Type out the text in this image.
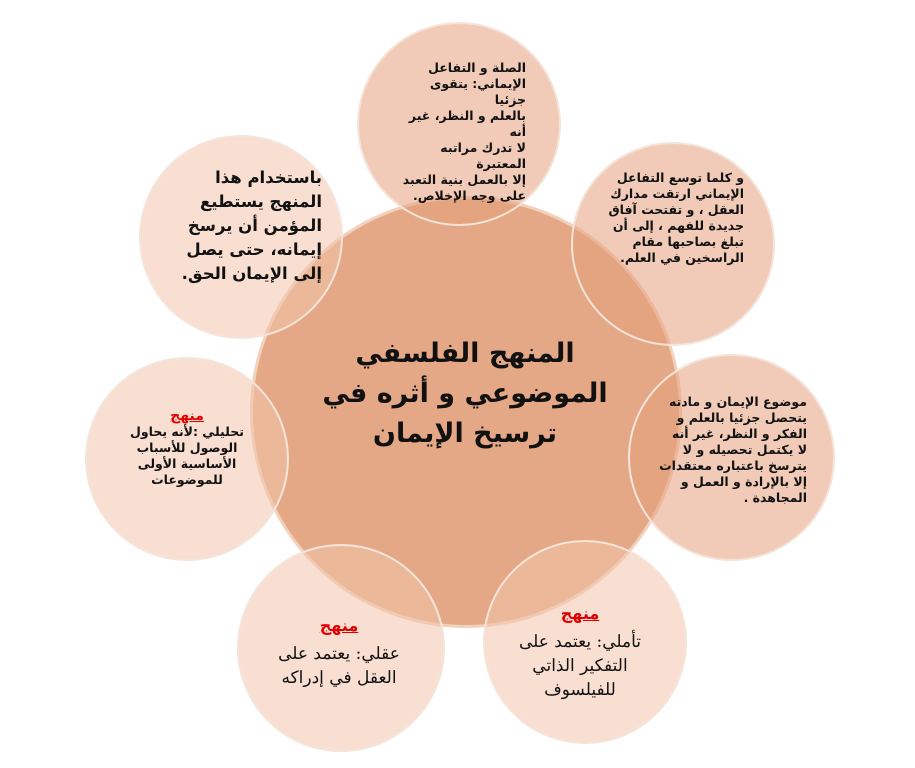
المنهج الفلسفي
الموضوعي و أثره في
ترسيخ الإيمان
الصلة و التفاعل
الإيماني: يتقوى جزئيا
بالعلم و النظر، غير أنه
لا تدرك مراتبه المعتبرة
إلا بالعمل بنية التعبد
على وجه الإخلاص.
و كلما توسع التفاعل
الإيماني ارتقت مدارك
العقل ، و تفتحت آفاق
جديدة للفهم ، إلى أن
تبلغ بصاحبها مقام
الراسخين في العلم.
موضوع الإيمان و مادته
يتحصل جزئيا بالعلم و
الفكر و النظر، غير أنه
لا يكتمل تحصيله و لا
يترسخ باعتباره معتقدات
إلا بالإرادة و العمل و
المجاهدة .
منهج
تأملي: يعتمد على
التفكير الذاتي
للفيلسوف
منهج
عقلي: يعتمد على
العقل في إدراكه
منهج
تحليلي :لأنه يحاول
الوصول للأسباب
الأساسية الأولى
للموضوعات
باستخدام هذا
المنهج يستطيع
المؤمن أن يرسخ
إيمانه، حتى يصل
إلى الإيمان الحق.
